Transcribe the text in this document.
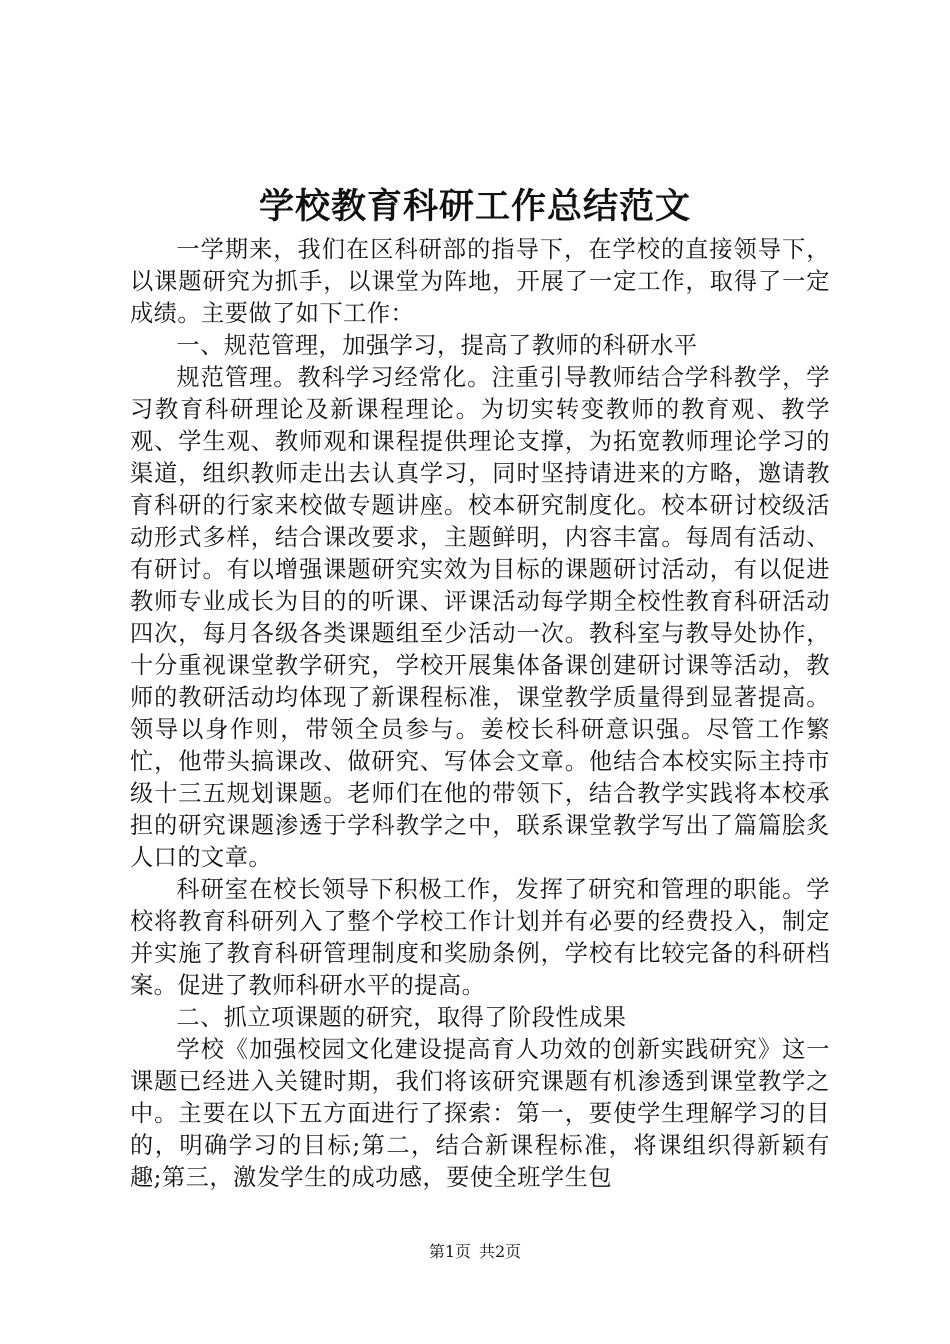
学校教育科研工作总结范文

一学期来，我们在区科研部的指导下，在学校的直接领导下，以课题研究为抓手，以课堂为阵地，开展了一定工作，取得了一定成绩。主要做了如下工作：

一、规范管理，加强学习，提高了教师的科研水平

规范管理。教科学习经常化。注重引导教师结合学科教学，学习教育科研理论及新课程理论。为切实转变教师的教育观、教学观、学生观、教师观和课程提供理论支撑，为拓宽教师理论学习的渠道，组织教师走出去认真学习，同时坚持请进来的方略，邀请教育科研的行家来校做专题讲座。校本研究制度化。校本研讨校级活动形式多样，结合课改要求，主题鲜明，内容丰富。每周有活动、有研讨。有以增强课题研究实效为目标的课题研讨活动，有以促进教师专业成长为目的的听课、评课活动每学期全校性教育科研活动四次，每月各级各类课题组至少活动一次。教科室与教导处协作，十分重视课堂教学研究，学校开展集体备课创建研讨课等活动，教师的教研活动均体现了新课程标准，课堂教学质量得到显著提高。领导以身作则，带领全员参与。姜校长科研意识强。尽管工作繁忙，他带头搞课改、做研究、写体会文章。他结合本校实际主持市级十三五规划课题。老师们在他的带领下，结合教学实践将本校承担的研究课题渗透于学科教学之中，联系课堂教学写出了篇篇脍炙人口的文章。

科研室在校长领导下积极工作，发挥了研究和管理的职能。学校将教育科研列入了整个学校工作计划并有必要的经费投入，制定并实施了教育科研管理制度和奖励条例，学校有比较完备的科研档案。促进了教师科研水平的提高。

二、抓立项课题的研究，取得了阶段性成果

学校《加强校园文化建设提高育人功效的创新实践研究》这一课题已经进入关键时期，我们将该研究课题有机渗透到课堂教学之中。主要在以下五方面进行了探索：第一，要使学生理解学习的目的，明确学习的目标;第二，结合新课程标准，将课组织得新颖有趣;第三，激发学生的成功感，要使全班学生包

第1页 共2页
